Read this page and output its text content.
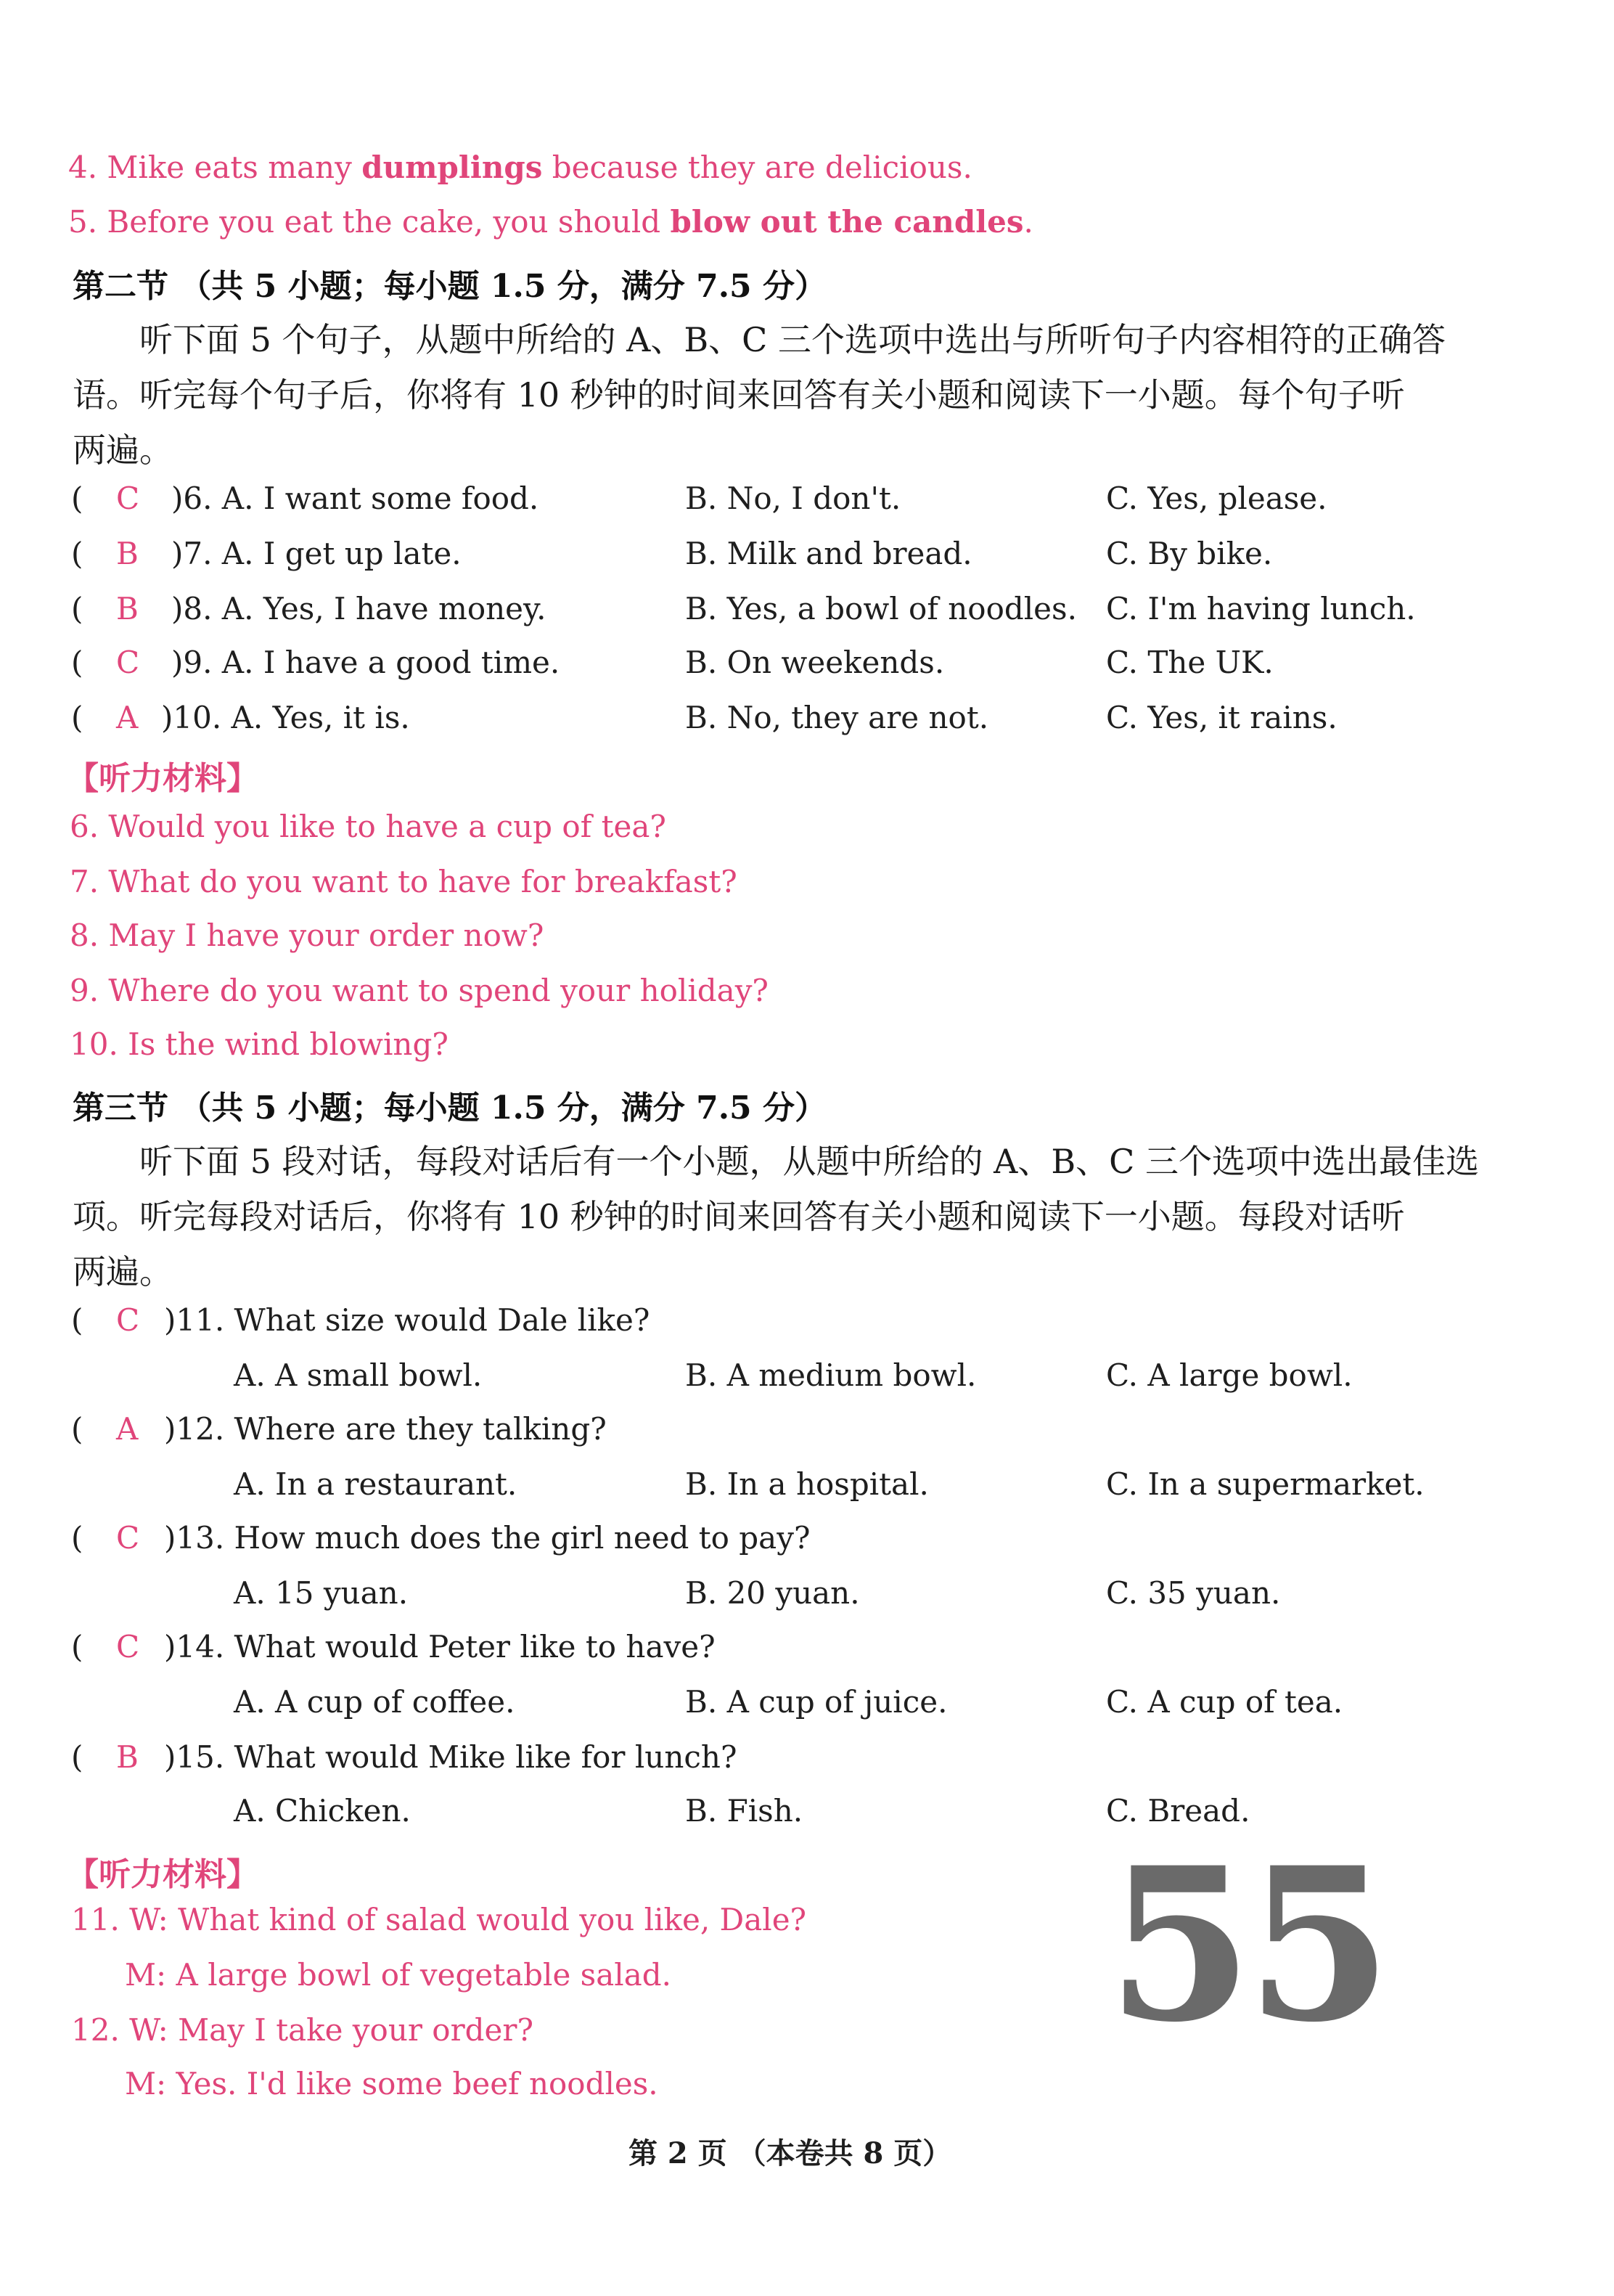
4. Mike eats many dumplings because they are delicious.
5. Before you eat the cake, you should blow out the candles.
第二节 （共 5 小题；每小题 1.5 分，满分 7.5 分）
听下面 5 个句子，从题中所给的 A、B、C 三个选项中选出与所听句子内容相符的正确答
语。听完每个句子后，你将有 10 秒钟的时间来回答有关小题和阅读下一小题。每个句子听
两遍。
( C )6. A. I want some food.	B. No, I don't.	C. Yes, please.
( B )7. A. I get up late.	B. Milk and bread.	C. By bike.
( B )8. A. Yes, I have money.	B. Yes, a bowl of noodles. C. I'm having lunch.
( C )9. A. I have a good time.	B. On weekends.	C. The UK.
( A )10. A. Yes, it is.	B. No, they are not.	C. Yes, it rains.
【听力材料】
6. Would you like to have a cup of tea?
7. What do you want to have for breakfast?
8. May I have your order now?
9. Where do you want to spend your holiday?
10. Is the wind blowing?
第三节 （共 5 小题；每小题 1.5 分，满分 7.5 分）
听下面 5 段对话，每段对话后有一个小题，从题中所给的 A、B、C 三个选项中选出最佳选
项。听完每段对话后，你将有 10 秒钟的时间来回答有关小题和阅读下一小题。每段对话听
两遍。
( C )11. What size would Dale like?
A. A small bowl.	B. A medium bowl.	C. A large bowl.
( A )12. Where are they talking?
A. In a restaurant.	B. In a hospital.	C. In a supermarket.
( C )13. How much does the girl need to pay?
A. 15 yuan.	B. 20 yuan.	C. 35 yuan.
( C )14. What would Peter like to have?
A. A cup of coffee.	B. A cup of juice.	C. A cup of tea.
( B )15. What would Mike like for lunch?
A. Chicken.	B. Fish.	C. Bread.
【听力材料】
11. W: What kind of salad would you like, Dale?
M: A large bowl of vegetable salad.
12. W: May I take your order?
M: Yes. I'd like some beef noodles.
55
第 2 页 （本卷共 8 页）
